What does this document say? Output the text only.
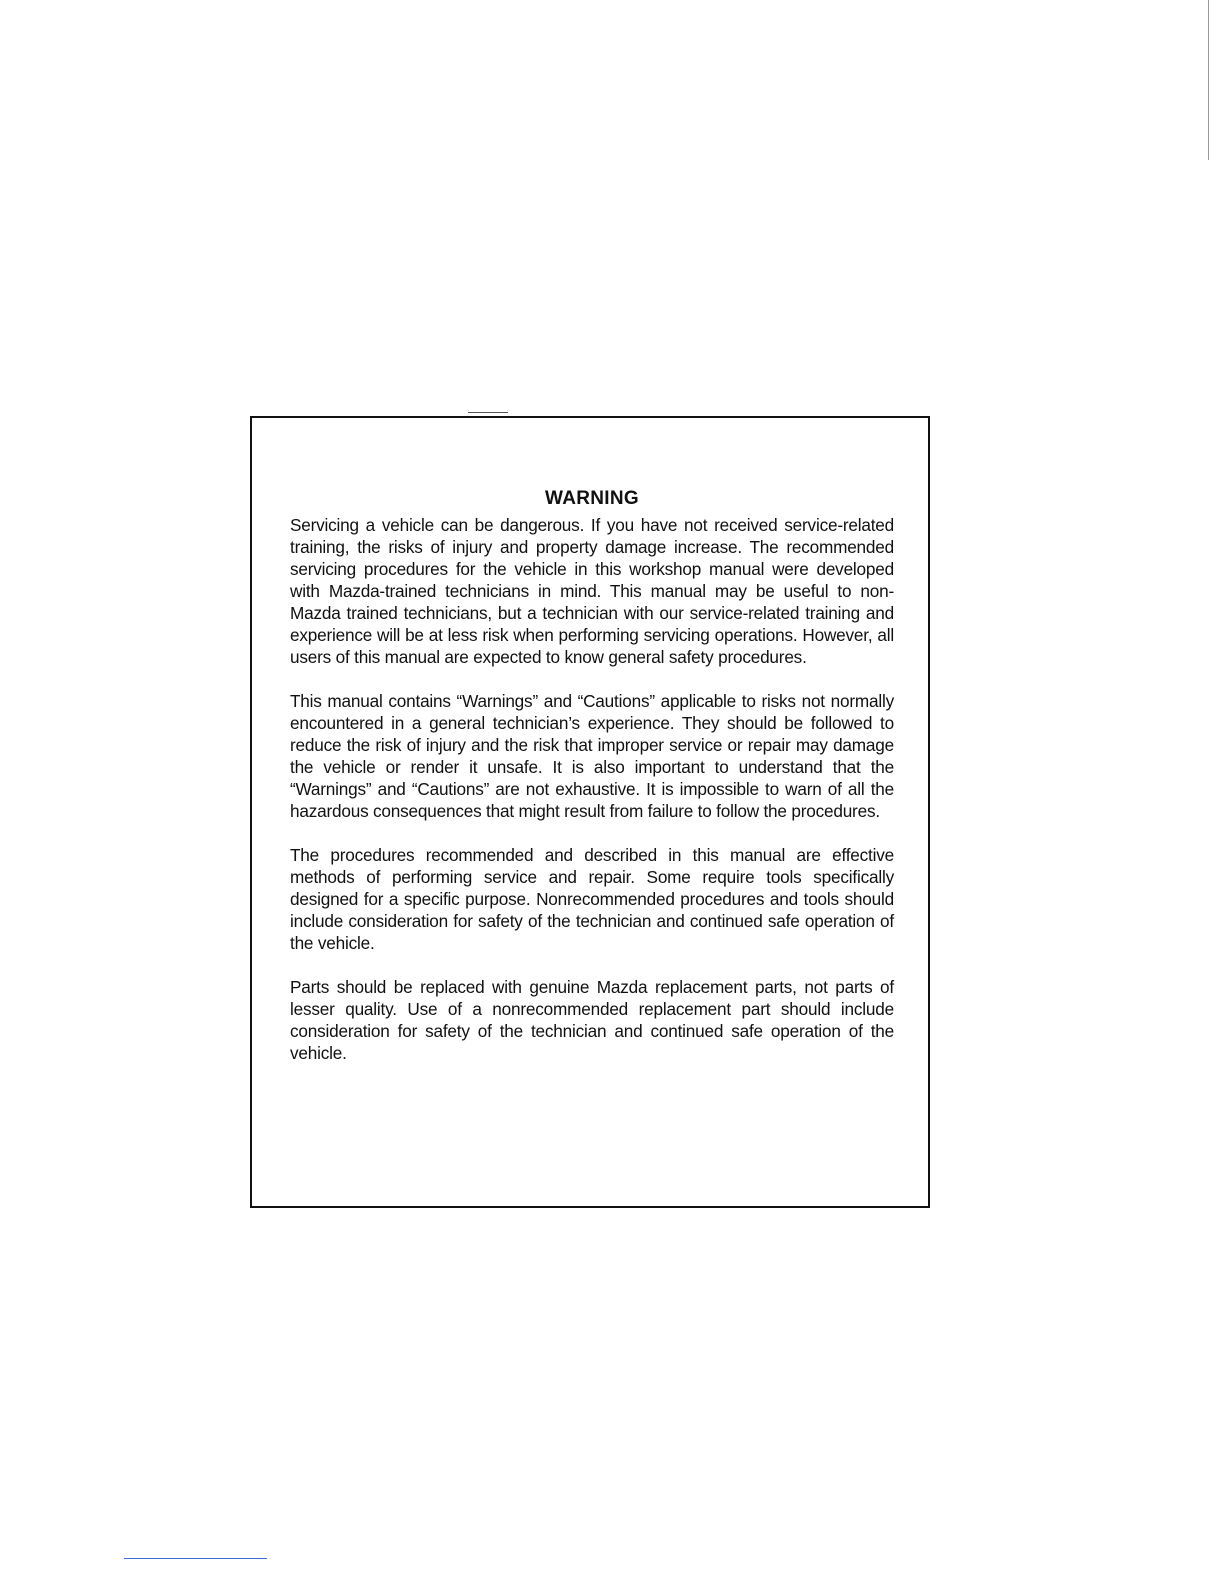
WARNING

Servicing a vehicle can be dangerous. If you have not received service-related training, the risks of injury and property damage increase. The recommended servicing procedures for the vehicle in this workshop manual were developed with Mazda-trained technicians in mind. This manual may be useful to non-Mazda trained technicians, but a technician with our service-related training and experience will be at less risk when performing servicing operations. However, all users of this manual are expected to know general safety procedures.

This manual contains “Warnings” and “Cautions” applicable to risks not normally encountered in a general technician’s experience. They should be followed to reduce the risk of injury and the risk that improper service or repair may damage the vehicle or render it unsafe. It is also important to understand that the “Warnings” and “Cautions” are not exhaustive. It is impossible to warn of all the hazardous consequences that might result from failure to follow the procedures.

The procedures recommended and described in this manual are effective methods of performing service and repair. Some require tools specifically designed for a specific purpose. Nonrecommended procedures and tools should include consideration for safety of the technician and continued safe operation of the vehicle.

Parts should be replaced with genuine Mazda replacement parts, not parts of lesser quality. Use of a nonrecommended replacement part should include consideration for safety of the technician and continued safe operation of the vehicle.
